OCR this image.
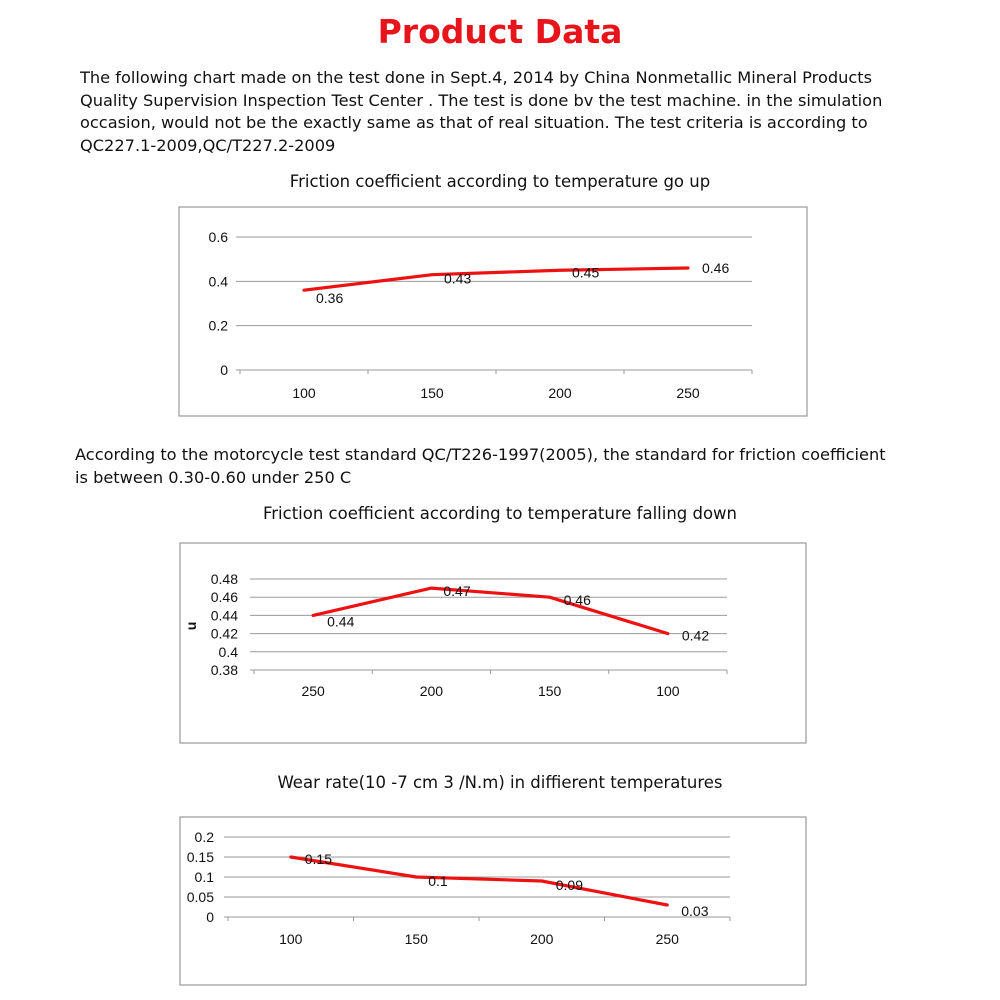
Product Data
The following chart made on the test done in Sept.4, 2014 by China Nonmetallic Mineral Products
Quality Supervision Inspection Test Center . The test is done bv the test machine. in the simulation
occasion, would not be the exactly same as that of real situation. The test criteria is according to
QC227.1-2009,QC/T227.2-2009
Friction coefficient according to temperature go up
According to the motorcycle test standard QC/T226-1997(2005), the standard for friction coefficient
is between 0.30-0.60 under 250 C
Friction coefficient according to temperature falling down
Wear rate(10 -7 cm 3 /N.m) in diffierent temperatures
0
0.2
0.4
0.6
100	150	200	250
0.36
0.43	0.45	0.46
0.38
0.4
0.42
0.44
0.46
0.48
250	200	150	100
0.44
0.47
0.46
0.42
u
0
0.05
0.1
0.15
0.2
100	150	200	250
0.15
0.1	0.09
0.03
